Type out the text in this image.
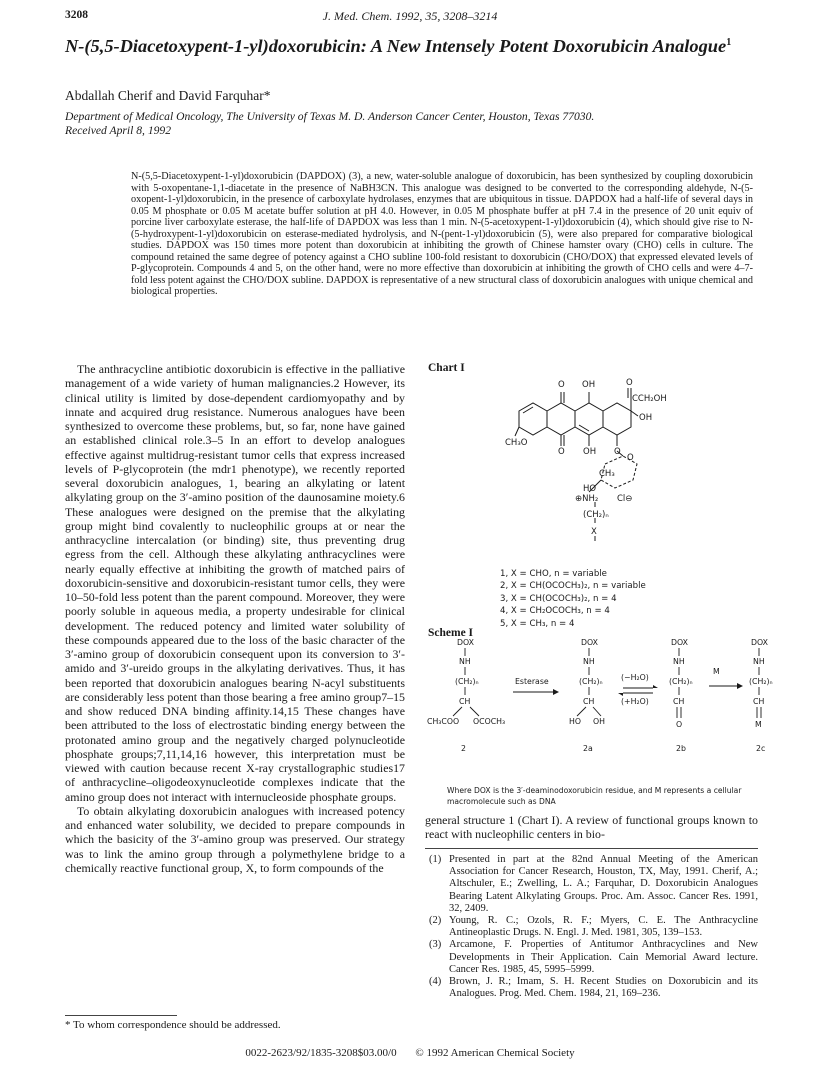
3208	J. Med. Chem. 1992, 35, 3208–3214
N-(5,5-Diacetoxypent-1-yl)doxorubicin: A New Intensely Potent Doxorubicin Analogue$^1$
Abdallah Cherif and David Farquhar*
Department of Medical Oncology, The University of Texas M. D. Anderson Cancer Center, Houston, Texas 77030.
Received April 8, 1992

N-(5,5-Diacetoxypent-1-yl)doxorubicin (DAPDOX) (3), a new, water-soluble analogue of doxorubicin, has been synthesized by coupling doxorubicin with 5-oxopentane-1,1-diacetate in the presence of NaBH3CN. This analogue was designed to be converted to the corresponding aldehyde, N-(5-oxopent-1-yl)doxorubicin, in the presence of carboxylate hydrolases, enzymes that are ubiquitous in tissue. DAPDOX had a half-life of several days in 0.05 M phosphate or 0.05 M acetate buffer solution at pH 4.0. However, in 0.05 M phosphate buffer at pH 7.4 in the presence of 20 unit equiv of porcine liver carboxylate esterase, the half-life of DAPDOX was less than 1 min. N-(5-acetoxypent-1-yl)doxorubicin (4), which should give rise to N-(5-hydroxypent-1-yl)doxorubicin on esterase-mediated hydrolysis, and N-(pent-1-yl)doxorubicin (5), were also prepared for comparative biological studies. DAPDOX was 150 times more potent than doxorubicin at inhibiting the growth of Chinese hamster ovary (CHO) cells in culture. The compound retained the same degree of potency against a CHO subline 100-fold resistant to doxorubicin (CHO/DOX) that expressed elevated levels of P-glycoprotein. Compounds 4 and 5, on the other hand, were no more effective than doxorubicin at inhibiting the growth of CHO cells and were 4–7-fold less potent against the CHO/DOX subline. DAPDOX is representative of a new structural class of doxorubicin analogues with unique chemical and biological properties.

The anthracycline antibiotic doxorubicin is effective in the palliative management of a wide variety of human malignancies.2 However, its clinical utility is limited by dose-dependent cardiomyopathy and by innate and acquired drug resistance. Numerous analogues have been synthesized to overcome these problems, but, so far, none have gained an established clinical role.3–5 In an effort to develop analogues effective against multidrug-resistant tumor cells that express increased levels of P-glycoprotein (the mdr1 phenotype), we recently reported several doxorubicin analogues, 1, bearing an alkylating or latent alkylating group on the 3′-amino position of the daunosamine moiety.6 These analogues were designed on the premise that the alkylating group might bind covalently to nucleophilic groups at or near the anthracycline intercalation (or binding) site, thus preventing drug egress from the cell. Although these alkylating anthracyclines were nearly equally effective at inhibiting the growth of matched pairs of doxorubicin-sensitive and doxorubicin-resistant tumor cells, they were 10–50-fold less potent than the parent compound. Moreover, they were poorly soluble in aqueous media, a property undesirable for clinical development. The reduced potency and limited water solubility of these compounds appeared due to the loss of the basic character of the 3′-amino group of doxorubicin consequent upon its conversion to 3′-amido and 3′-ureido groups in the alkylating derivatives. Thus, it has been reported that doxorubicin analogues bearing N-acyl substituents are considerably less potent than those bearing a free amino group7–15 and show reduced DNA binding affinity.14,15 These changes have been attributed to the loss of electrostatic binding energy between the protonated amino group and the negatively charged polynucleotide phosphate groups;7,11,14,16 however, this interpretation must be viewed with caution because recent X-ray crystallographic studies17 of anthracycline–oligodeoxynucleotide complexes indicate that the amino group does not interact with internucleoside phosphate groups.

To obtain alkylating doxorubicin analogues with increased potency and enhanced water solubility, we decided to prepare compounds in which the basicity of the 3′-amino group was preserved. Our strategy was to link the amino group through a polymethylene bridge to a chemically reactive functional group, X, to form compounds of the

* To whom correspondence should be addressed.
Chart I
O OH	O
CCH₂OH
OH
CH₃O
O OH O
O
CH₃
HO
⊕NH₂ Cl⊖
(CH₂)ₙ
X
1, X = CHO, n = variable
2, X = CH(OCOCH₃)₂, n = variable
3, X = CH(OCOCH₃)₂, n = 4
4, X = CH₂OCOCH₃, n = 4
5, X = CH₃, n = 4
Scheme I
DOX
NH
(CH₂)ₙ
CH
CH₃COO OCOCH₃
2
Esterase
DOX
NH
(CH₂)ₙ
CH
HO OH
2a
(−H₂O)
(+H₂O)
DOX
NH
(CH₂)ₙ
CH
O
2b
M
DOX
NH
(CH₂)ₙ
CH
M
2c
Where DOX is the 3′-deaminodoxorubicin residue, and M represents a cellular macromolecule such as DNA
general structure 1 (Chart I). A review of functional groups known to react with nucleophilic centers in bio-
(1) Presented in part at the 82nd Annual Meeting of the American Association for Cancer Research, Houston, TX, May, 1991. Cherif, A.; Altschuler, E.; Zwelling, L. A.; Farquhar, D. Doxorubicin Analogues Bearing Latent Alkylating Groups. Proc. Am. Assoc. Cancer Res. 1991, 32, 2409.
(2) Young, R. C.; Ozols, R. F.; Myers, C. E. The Anthracycline Antineoplastic Drugs. N. Engl. J. Med. 1981, 305, 139–153.
(3) Arcamone, F. Properties of Antitumor Anthracyclines and New Developments in Their Application. Cain Memorial Award lecture. Cancer Res. 1985, 45, 5995–5999.
(4) Brown, J. R.; Imam, S. H. Recent Studies on Doxorubicin and its Analogues. Prog. Med. Chem. 1984, 21, 169–236.
0022-2623/92/1835-3208$03.00/0 © 1992 American Chemical Society
